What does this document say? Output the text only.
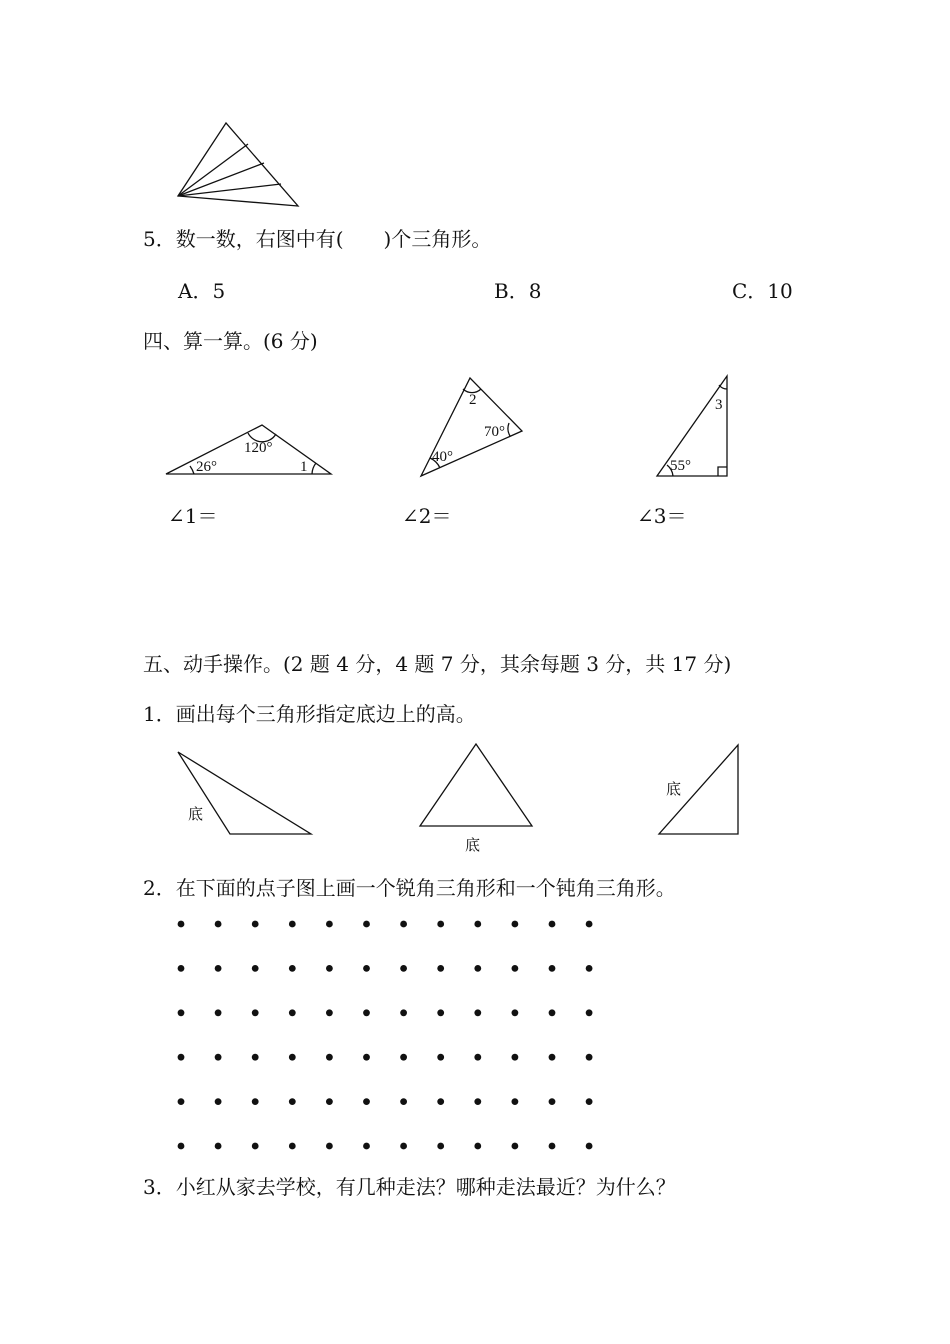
5．数一数，右图中有(　　)个三角形。
A．5	B．8	C．10
四、算一算。(6 分)
120°
26°	1
2
70°
40°
3
55°
∠1＝	∠2＝	∠3＝
五、动手操作。(2 题 4 分，4 题 7 分，其余每题 3 分，共 17 分)
1．画出每个三角形指定底边上的高。
底
底
底
2．在下面的点子图上画一个锐角三角形和一个钝角三角形。
3．小红从家去学校，有几种走法？哪种走法最近？为什么？
